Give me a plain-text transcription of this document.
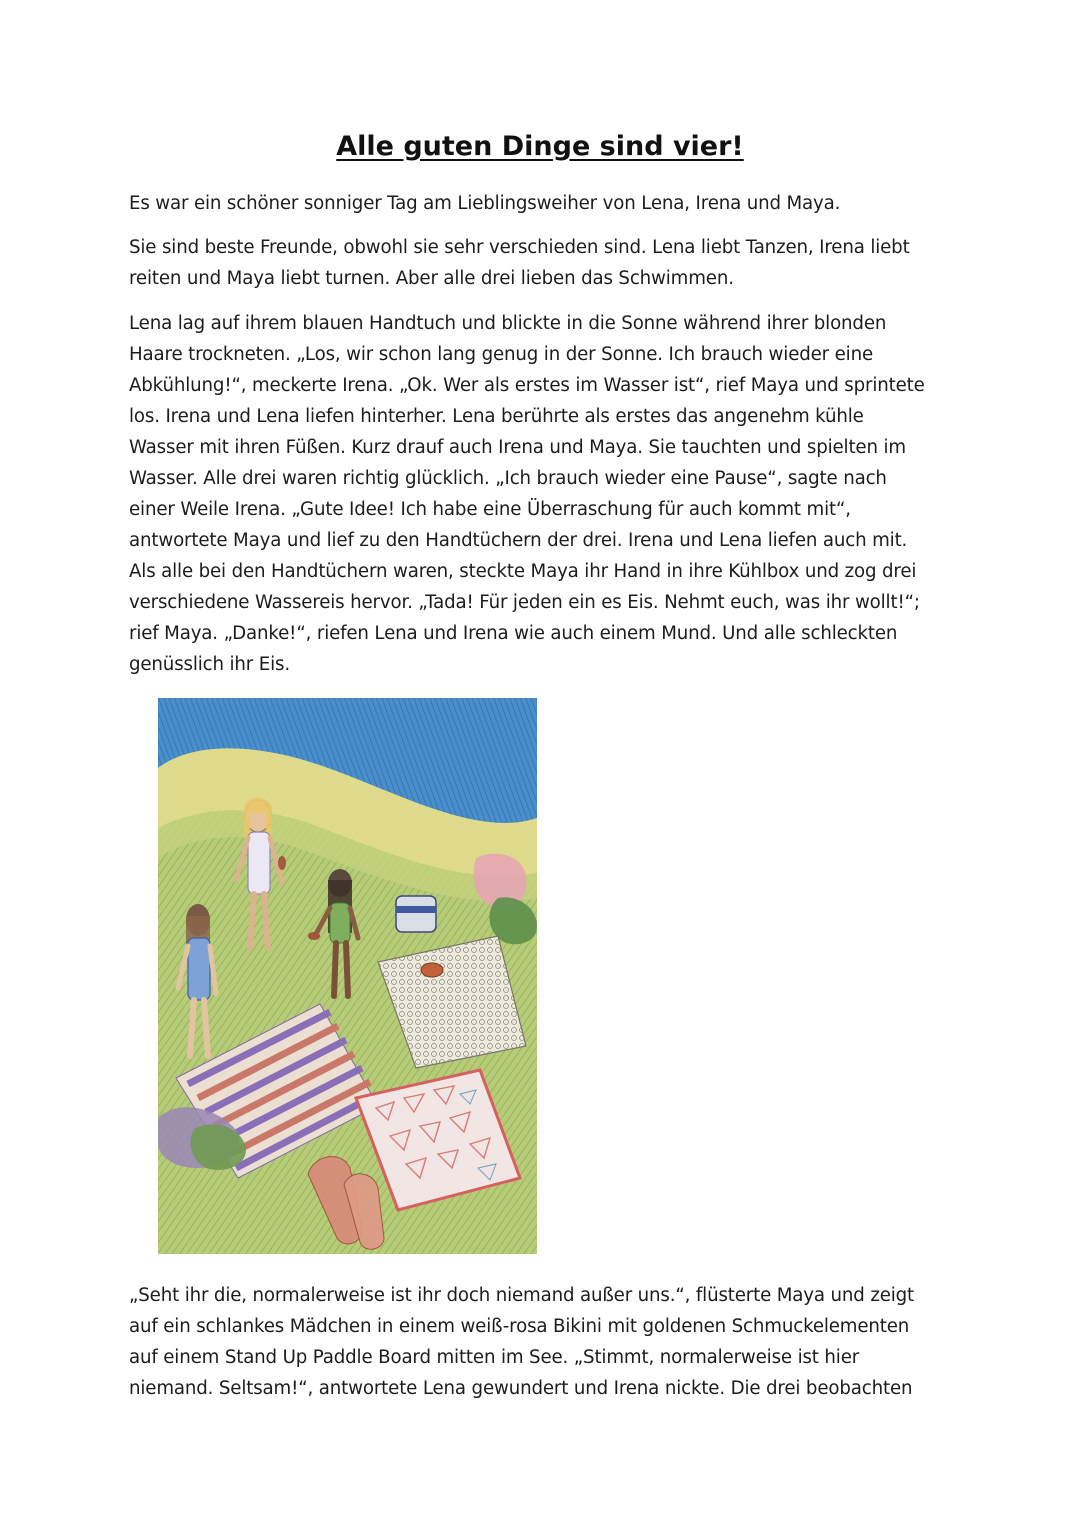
Alle guten Dinge sind vier!

Es war ein schöner sonniger Tag am Lieblingsweiher von Lena, Irena und Maya.

Sie sind beste Freunde, obwohl sie sehr verschieden sind. Lena liebt Tanzen, Irena liebt
reiten und Maya liebt turnen. Aber alle drei lieben das Schwimmen.

Lena lag auf ihrem blauen Handtuch und blickte in die Sonne während ihrer blonden
Haare trockneten. „Los, wir schon lang genug in der Sonne. Ich brauch wieder eine
Abkühlung!“, meckerte Irena. „Ok. Wer als erstes im Wasser ist“, rief Maya und sprintete
los. Irena und Lena liefen hinterher. Lena berührte als erstes das angenehm kühle
Wasser mit ihren Füßen. Kurz drauf auch Irena und Maya. Sie tauchten und spielten im
Wasser. Alle drei waren richtig glücklich. „Ich brauch wieder eine Pause“, sagte nach
einer Weile Irena. „Gute Idee! Ich habe eine Überraschung für auch kommt mit“,
antwortete Maya und lief zu den Handtüchern der drei. Irena und Lena liefen auch mit.
Als alle bei den Handtüchern waren, steckte Maya ihr Hand in ihre Kühlbox und zog drei
verschiedene Wassereis hervor. „Tada! Für jeden ein es Eis. Nehmt euch, was ihr wollt!“;
rief Maya. „Danke!“, riefen Lena und Irena wie auch einem Mund. Und alle schleckten
genüsslich ihr Eis.

„Seht ihr die, normalerweise ist ihr doch niemand außer uns.“, flüsterte Maya und zeigt
auf ein schlankes Mädchen in einem weiß-rosa Bikini mit goldenen Schmuckelementen
auf einem Stand Up Paddle Board mitten im See. „Stimmt, normalerweise ist hier
niemand. Seltsam!“, antwortete Lena gewundert und Irena nickte. Die drei beobachten
